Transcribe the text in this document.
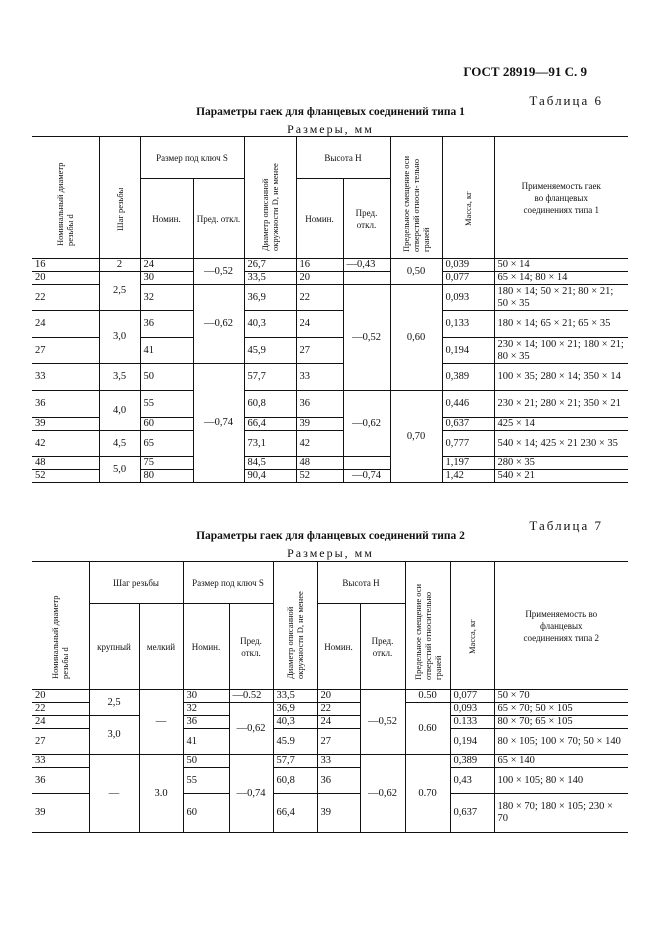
ГОСТ 28919—91 С. 9
Таблица 6
Параметры гаек для фланцевых соединений типа 1
Размеры, мм
Номинальный диаметр резьбы d	Шаг резьбы	Размер под ключ S		Диаметр описанной окружности D, не менее	Высота H		Предельное смещение оси отверстий относи- тельно граней	Масса, кг	Применяемость гаек во фланцевых соединениях типа 1
		Номин.	Пред. откл.		Номин.	Пред. откл.			
16	2	24	—0,52	26,7	16	—0,43	0,50	0,039	50 × 14
20	2,5	30		33,5	20			0,077	65 × 14; 80 × 14
22		32	—0,62	36,9	22	—0,52	0,60	0,093	180 × 14; 50 × 21; 80 × 21; 50 × 35
24	3,0	36		40,3	24			0,133	180 × 14; 65 × 21; 65 × 35
27		41		45,9	27			0,194	230 × 14; 100 × 21; 180 × 21; 80 × 35
33	3,5	50	—0,74	57,7	33			0,389	100 × 35; 280 × 14; 350 × 14
36	4,0	55		60,8	36	—0,62	0,70	0,446	230 × 21; 280 × 21; 350 × 21
39		60		66,4	39			0,637	425 × 14
42	4,5	65		73,1	42			0,777	540 × 14; 425 × 21 230 × 35
48	5,0	75		84,5	48			1,197	280 × 35
52		80		90,4	52	—0,74		1,42	540 × 21
Таблица 7
Параметры гаек для фланцевых соединений типа 2
Размеры, мм
Номинальный диаметр резьбы d	Шаг резьбы		Размер под ключ S		Диаметр описанной окружности D, не менее	Высота H		Предельное смещение оси отверстий относительно граней	Масса, кг	Применяемость во фланцевых соединениях типа 2
	крупный	мелкий	Номин.	Пред. откл.		Номин.	Пред. откл.			
20	2,5	—	30	—0.52	33,5	20	—0,52	0.50	0,077	50 × 70
22			32	—0,62	36,9	22		0.60	0,093	65 × 70; 50 × 105
24	3,0		36		40,3	24			0.133	80 × 70; 65 × 105
27			41		45.9	27			0,194	80 × 105; 100 × 70; 50 × 140
33	—	3.0	50	—0,74	57,7	33	—0,62	0.70	0,389	65 × 140
36			55		60,8	36			0,43	100 × 105; 80 × 140
39			60		66,4	39			0,637	180 × 70; 180 × 105; 230 × 70
